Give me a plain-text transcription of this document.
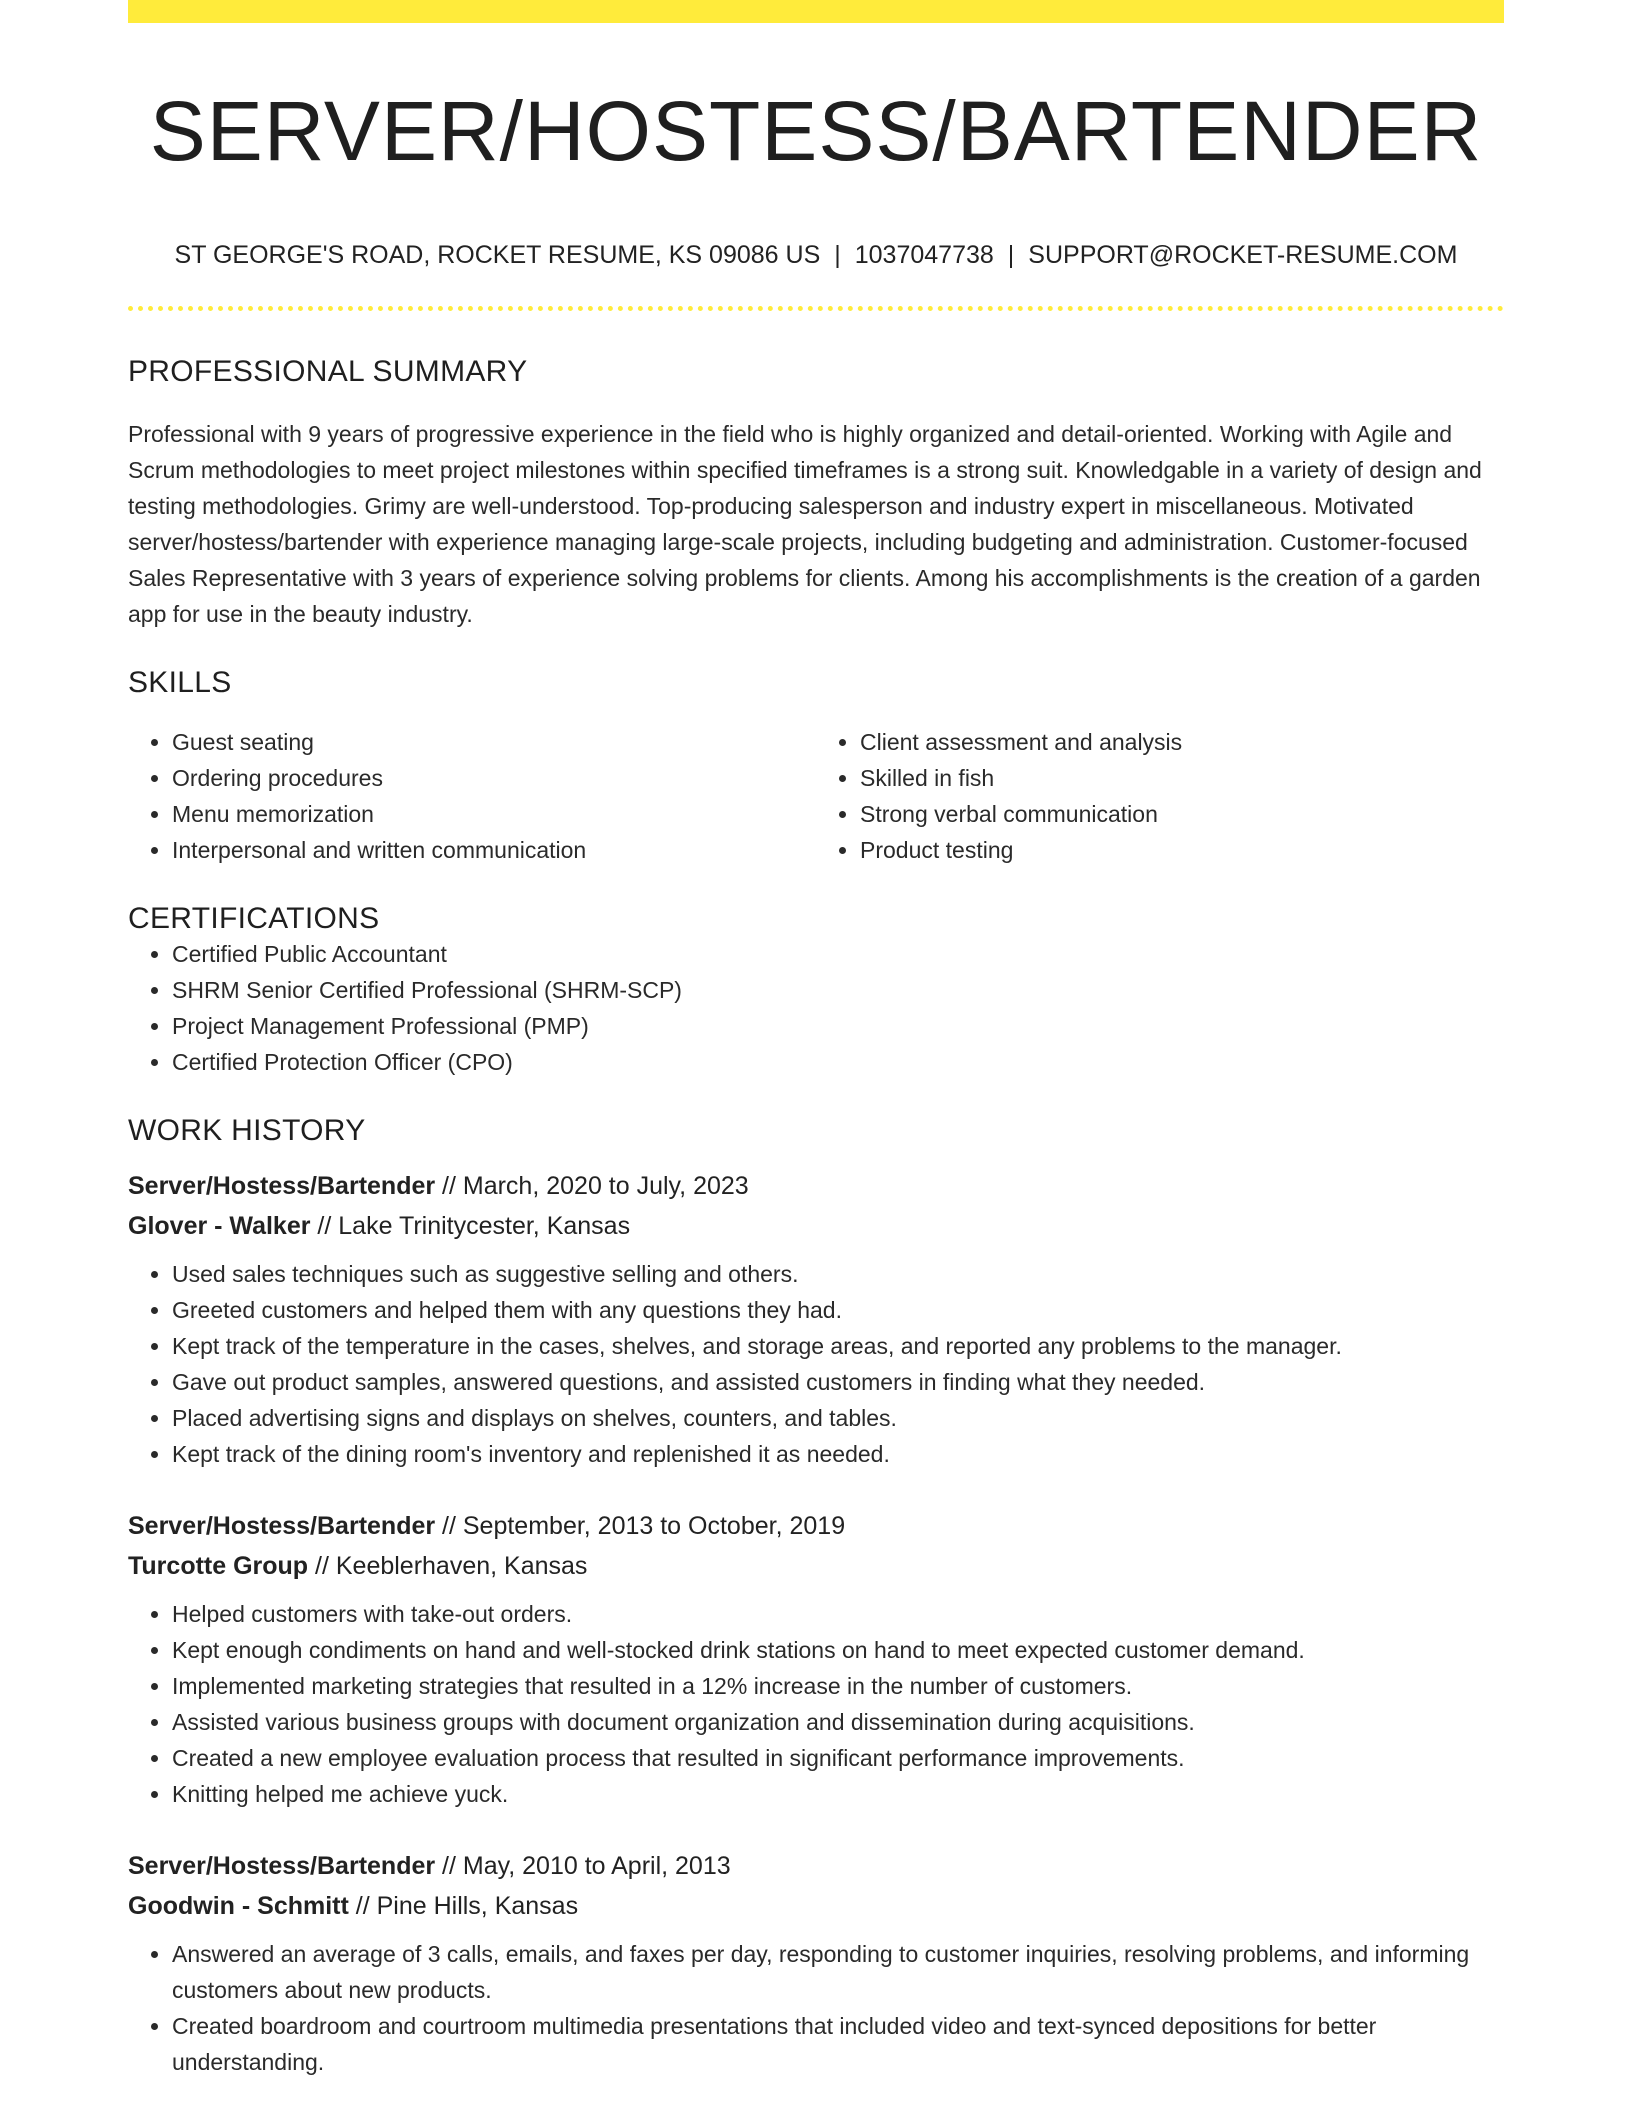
SERVER/HOSTESS/BARTENDER
ST GEORGE'S ROAD, ROCKET RESUME, KS 09086 US | 1037047738 | SUPPORT@ROCKET-RESUME.COM
PROFESSIONAL SUMMARY

Professional with 9 years of progressive experience in the field who is highly organized and detail-oriented. Working with Agile and Scrum methodologies to meet project milestones within specified timeframes is a strong suit. Knowledgable in a variety of design and testing methodologies. Grimy are well-understood. Top-producing salesperson and industry expert in miscellaneous. Motivated server/hostess/bartender with experience managing large-scale projects, including budgeting and administration. Customer-focused Sales Representative with 3 years of experience solving problems for clients. Among his accomplishments is the creation of a garden app for use in the beauty industry.

SKILLS
• Guest seating
• Ordering procedures
• Menu memorization
• Interpersonal and written communication
• Client assessment and analysis
• Skilled in fish
• Strong verbal communication
• Product testing
CERTIFICATIONS
• Certified Public Accountant
• SHRM Senior Certified Professional (SHRM-SCP)
• Project Management Professional (PMP)
• Certified Protection Officer (CPO)
WORK HISTORY
Server/Hostess/Bartender // March, 2020 to July, 2023
Glover - Walker // Lake Trinitycester, Kansas
• Used sales techniques such as suggestive selling and others.
• Greeted customers and helped them with any questions they had.
• Kept track of the temperature in the cases, shelves, and storage areas, and reported any problems to the manager.
• Gave out product samples, answered questions, and assisted customers in finding what they needed.
• Placed advertising signs and displays on shelves, counters, and tables.
• Kept track of the dining room's inventory and replenished it as needed.
Server/Hostess/Bartender // September, 2013 to October, 2019
Turcotte Group // Keeblerhaven, Kansas
• Helped customers with take-out orders.
• Kept enough condiments on hand and well-stocked drink stations on hand to meet expected customer demand.
• Implemented marketing strategies that resulted in a 12% increase in the number of customers.
• Assisted various business groups with document organization and dissemination during acquisitions.
• Created a new employee evaluation process that resulted in significant performance improvements.
• Knitting helped me achieve yuck.
Server/Hostess/Bartender // May, 2010 to April, 2013
Goodwin - Schmitt // Pine Hills, Kansas
• Answered an average of 3 calls, emails, and faxes per day, responding to customer inquiries, resolving problems, and informing customers about new products.
• Created boardroom and courtroom multimedia presentations that included video and text-synced depositions for better understanding.
